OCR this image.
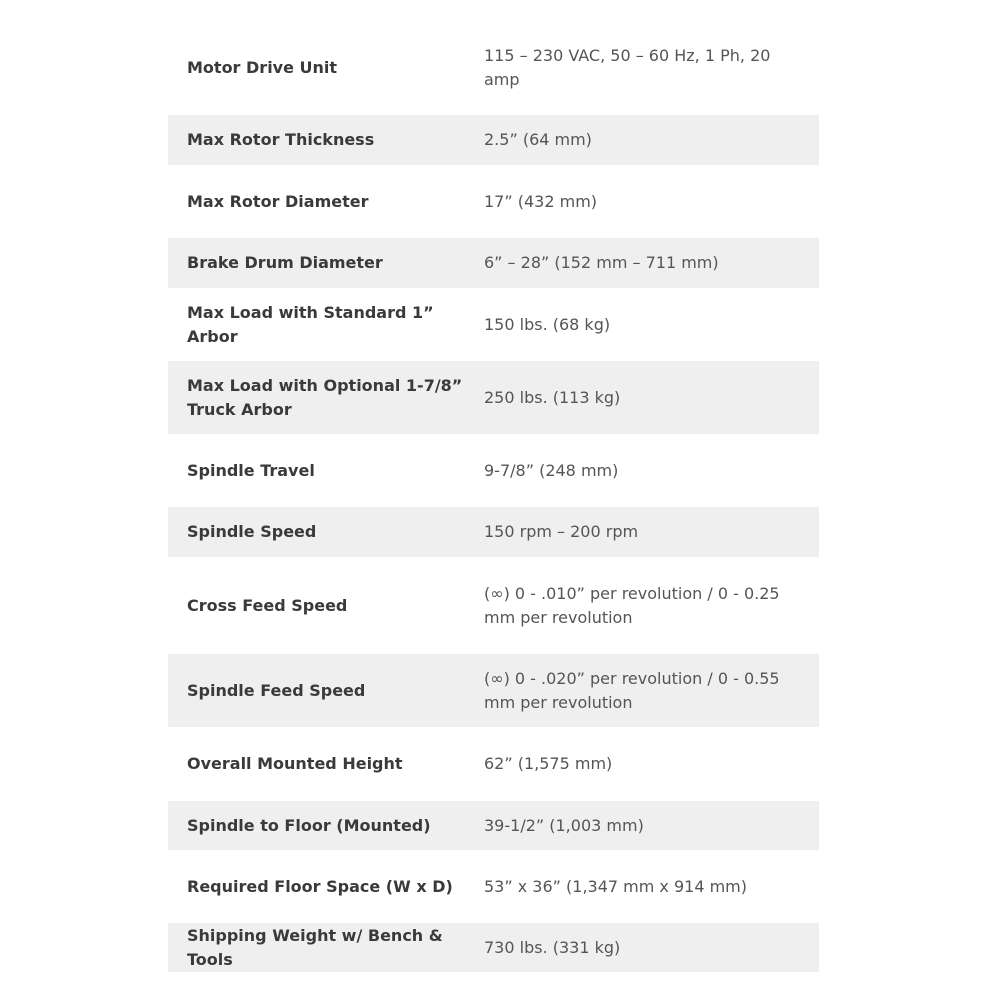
Motor Drive Unit	115 – 230 VAC, 50 – 60 Hz, 1 Ph, 20 amp
Max Rotor Thickness	2.5” (64 mm)
Max Rotor Diameter	17” (432 mm)
Brake Drum Diameter	6” – 28” (152 mm – 711 mm)
Max Load with Standard 1” Arbor	150 lbs. (68 kg)
Max Load with Optional 1-7/8” Truck Arbor	250 lbs. (113 kg)
Spindle Travel	9-7/8” (248 mm)
Spindle Speed	150 rpm – 200 rpm
Cross Feed Speed	(∞) 0 - .010” per revolution / 0 - 0.25 mm per revolution
Spindle Feed Speed	(∞) 0 - .020” per revolution / 0 - 0.55 mm per revolution
Overall Mounted Height	62” (1,575 mm)
Spindle to Floor (Mounted)	39-1/2” (1,003 mm)
Required Floor Space (W x D)	53” x 36” (1,347 mm x 914 mm)
Shipping Weight w/ Bench & Tools	730 lbs. (331 kg)
